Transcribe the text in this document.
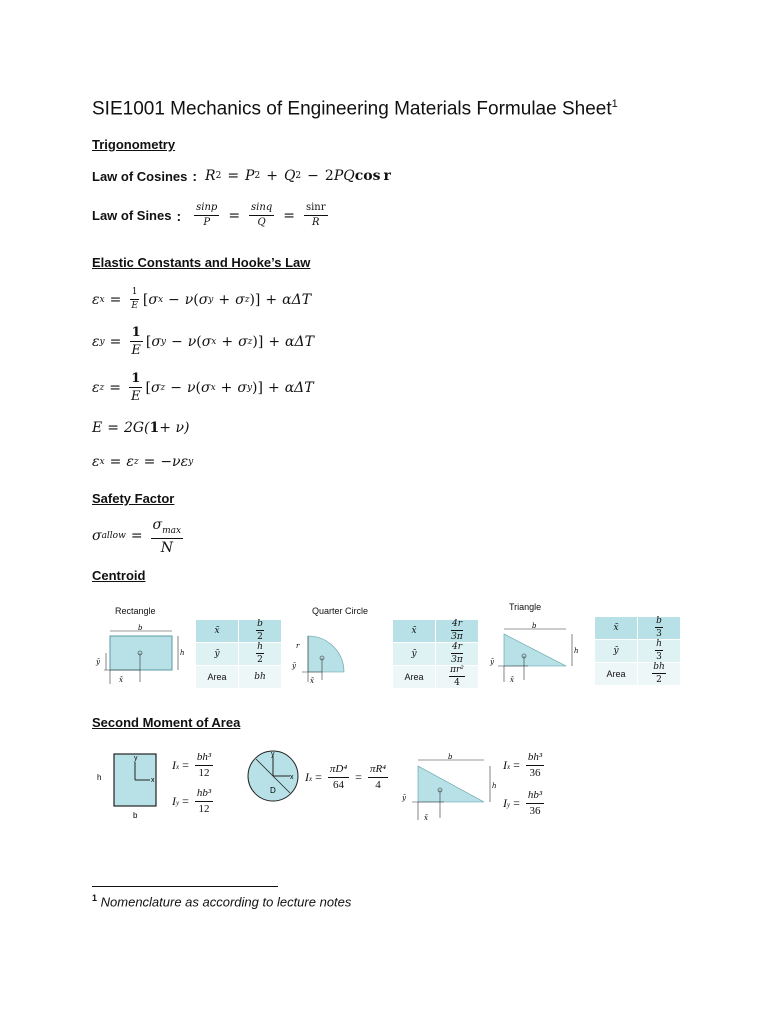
SIE1001 Mechanics of Engineering Materials Formulae Sheet$^1$
Trigonometry
Law of Cosines : R 2 = P 2 + Q 2 − 2 P Q cos r
Law of Sines : $\frac{\sin p}{P} = \frac{\sin q}{Q} = \frac{\sin r}{R}$
Elastic Constants and Hooke’s Law
ε $x = \frac{1}{E}$ [ σ x − ν ( σ y + σ z ) ] + α ΔT
ε $y = \frac{1}{E}$ [ σ y − ν ( σ x + σ z ) ] + α ΔT
ε $z = \frac{1}{E}$ [ σ z − ν ( σ x + σ y ) ] + α ΔT
E = 2G( 1 + ν)
ε x = ε z = −ν ε y
Safety Factor
σ allow = $\frac{\sigma_{max}}{N}$
Centroid
Rectangle	Quarter Circle	Triangle
b
h
ȳ
x̄
x̄	$\frac{b}{2}$

ȳ	$\frac{h}{2}$

Area	bh
r
ȳ
x̄
x̄	$\frac{4r}{3\pi}$

ȳ	$\frac{4r}{3\pi}$

Area	$\frac{\text{πr²}}{4}$
b
h
ȳ
x̄
x̄	$\frac{b}{3}$

ȳ	$\frac{h}{3}$

Area	$\frac{bh}{2}$
Second Moment of Area
y
x
h
b
I $x = \frac{\text{bh³}}{12}$
I $y = \frac{\text{hb³}}{12}$
y
x
D
I $x = \frac{\text{πD⁴}}{64} = \frac{\text{πR⁴}}{4}$
b
h
ȳ
x̄
I $x = \frac{\text{bh³}}{36}$
I $y = \frac{\text{hb³}}{36}$
$^1$ Nomenclature as according to lecture notes
